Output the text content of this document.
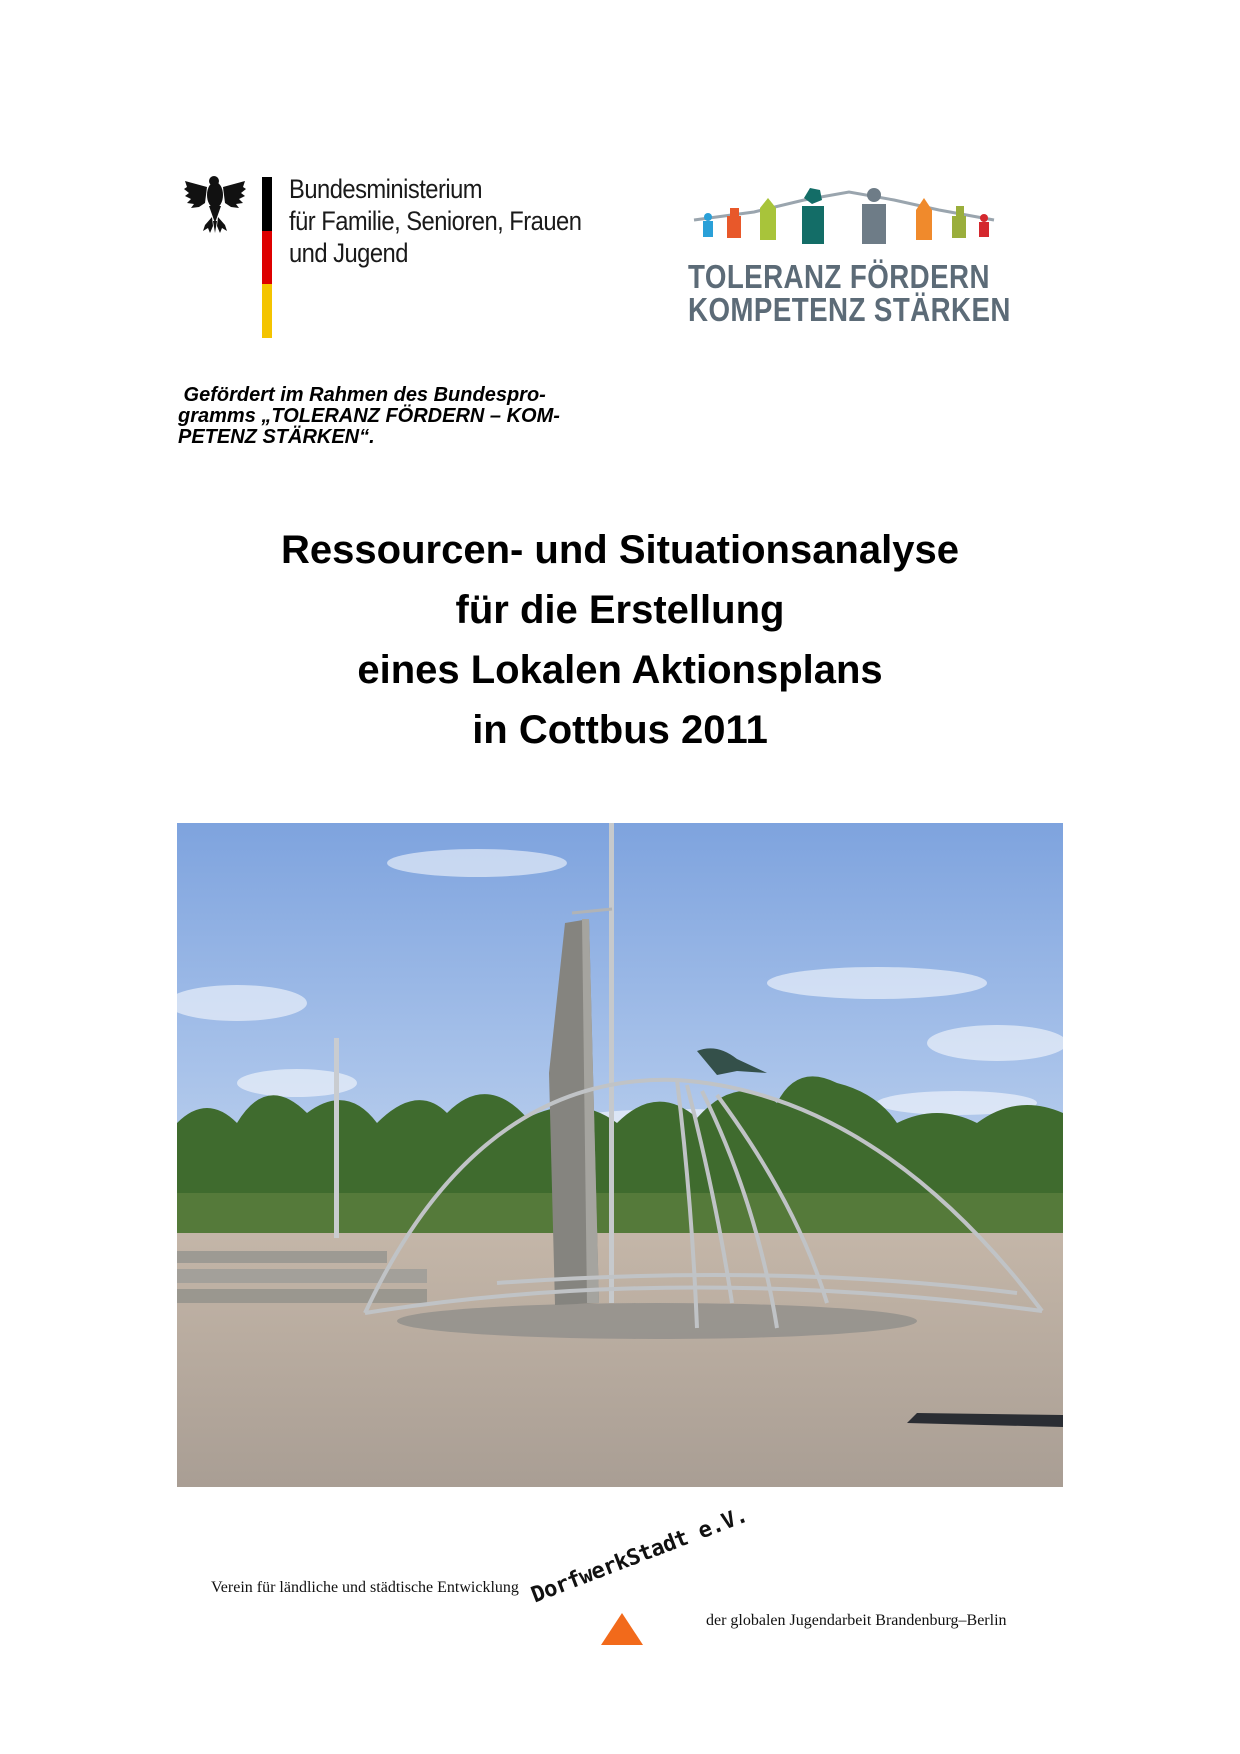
Bundesministerium
für Familie, Senioren, Frauen
und Jugend
TOLERANZ FÖRDERN
KOMPETENZ STÄRKEN
Gefördert im Rahmen des Bundespro-
gramms „TOLERANZ FÖRDERN – KOM-
PETENZ STÄRKEN“.
Ressourcen- und Situationsanalyse
für die Erstellung
eines Lokalen Aktionsplans
in Cottbus 2011
Verein für ländliche und städtische Entwicklung DorfwerkStadt e.V.
der globalen Jugendarbeit Brandenburg–Berlin
